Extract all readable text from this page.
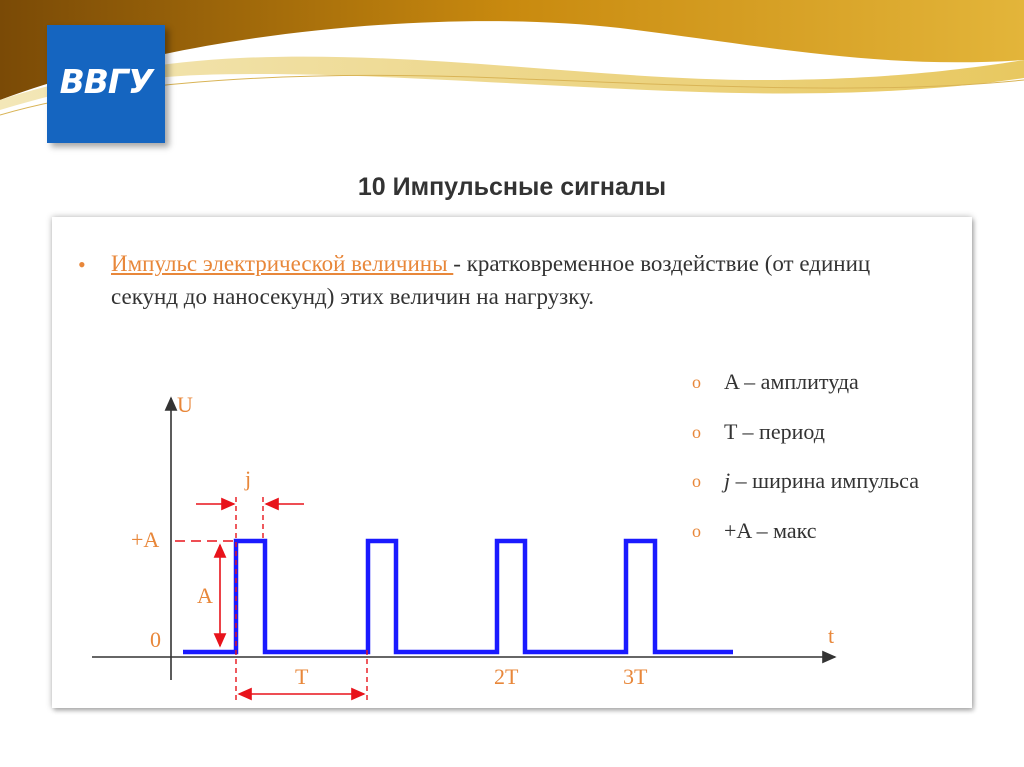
ВВГУ
10 Импульсные сигналы
• Импульс электрической величины - кратковременное воздействие (от единиц секунд до наносекунд) этих величин на нагрузку.
o A – амплитуда
o T – период
o j – ширина импульса
o +A – макс
U
t
0
+A
A
j
T	2T	3T
